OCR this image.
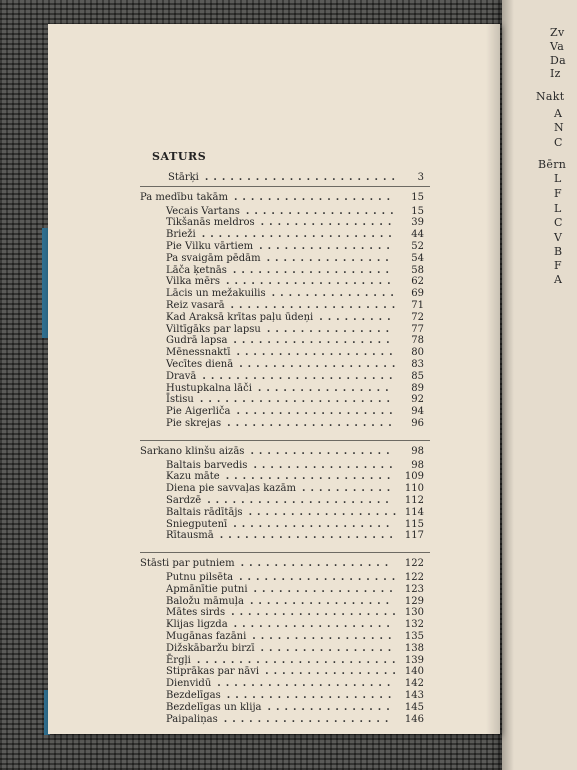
Zv
Va
Da
Iz
Nakt
A
N
C
Bērn
L
F
L
C
V
B
F
A
SATURS
Stārķi ....................... 3
Pa medību takām ................... 15
Vecais Vartans .................. 15
Tikšanās meldros ................ 39
Brieži ....................... 44
Pie Vilku vārtiem ................ 52
Pa svaigām pēdām ............... 54
Lāča ķetnās ................... 58
Vilka mērs .................... 62
Lācis un mežakuilis ............... 69
Reiz vasarā .................... 71
Kad Araksā krītas paļu ūdeņi ......... 72
Viltīgāks par lapsu ............... 77
Gudrā lapsa ................... 78
Mēnessnaktī ................... 80
Vecītes dienā ................... 83
Dravā ....................... 85
Hustupkalna lāči ................ 89
Īstisu ....................... 92
Pie Aigerliča ................... 94
Pie skrejas .................... 96
Sarkano klinšu aizās ................. 98
Baltais barvedis ................. 98
Kazu māte .................... 109
Diena pie savvaļas kazām ........... 110
Sardzē ...................... 112
Baltais rādītājs .................. 114
Sniegputenī ................... 115
Rītausmā ..................... 117
Stāsti par putniem .................. 122
Putnu pilsēta ................... 122
Apmānītie putni ................. 123
Baložu māmuļa ................. 129
Mātes sirds .................... 130
Klijas ligzda ................... 132
Mugānas fazāni ................. 135
Dižskābaržu birzī ................ 138
Ērgļi ........................ 139
Stiprākas par nāvi ................ 140
Dienvidū ..................... 142
Bezdelīgas .................... 143
Bezdelīgas un klija ............... 145
Paipaliņas .................... 146
